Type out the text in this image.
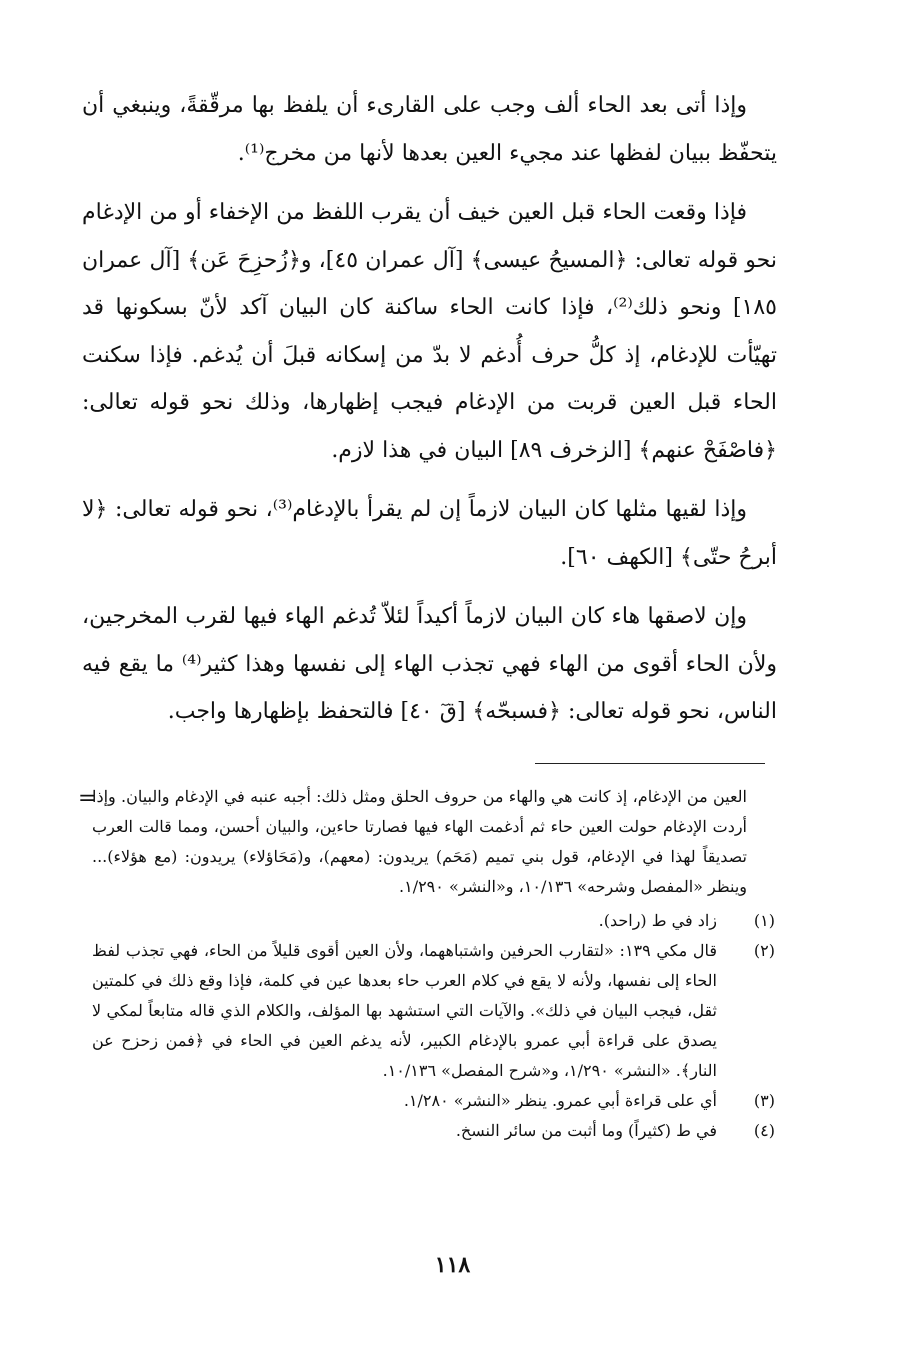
وإذا أتى بعد الحاء ألف وجب على القارىء أن يلفظ بها مرقّقةً، وينبغي أن يتحفّظ ببيان لفظها عند مجيء العين بعدها لأنها من مخرج⁽¹⁾.

فإذا وقعت الحاء قبل العين خيف أن يقرب اللفظ من الإخفاء أو من الإدغام نحو قوله تعالى: ﴿المسيحُ عيسى﴾ [آل عمران ٤٥]، و﴿زُحزِحَ عَن﴾ [آل عمران ١٨٥] ونحو ذلك⁽²⁾، فإذا كانت الحاء ساكنة كان البيان آكد لأنّ بسكونها قد تهيّأت للإدغام، إذ كلُّ حرف أُدغم لا بدّ من إسكانه قبلَ أن يُدغم. فإذا سكنت الحاء قبل العين قربت من الإدغام فيجب إظهارها، وذلك نحو قوله تعالى: ﴿فاصْفَحْ عنهم﴾ [الزخرف ٨٩] البيان في هذا لازم.

وإذا لقيها مثلها كان البيان لازماً إن لم يقرأ بالإدغام⁽³⁾، نحو قوله تعالى: ﴿لا أبرحُ حتّى﴾ [الكهف ٦٠].

وإن لاصقها هاء كان البيان لازماً أكيداً لئلاّ تُدغم الهاء فيها لقرب المخرجين، ولأن الحاء أقوى من الهاء فهي تجذب الهاء إلى نفسها وهذا كثير⁽⁴⁾ ما يقع فيه الناس، نحو قوله تعالى: ﴿فسبحّه﴾ [قٓ ٤٠] فالتحفظ بإظهارها واجب.

=

العين من الإدغام، إذ كانت هي والهاء من حروف الحلق ومثل ذلك: أجبه عنبه في الإدغام والبيان. وإذا أردت الإدغام حولت العين حاء ثم أدغمت الهاء فيها فصارتا حاءين، والبيان أحسن، ومما قالت العرب تصديقاً لهذا في الإدغام، قول بني تميم (مَحَم) يريدون: (معهم)، و(مَحَاؤلاء) يريدون: (مع هؤلاء)... وينظر «المفصل وشرحه» ١٠/١٣٦، و«النشر» ١/٢٩٠.

(١)
زاد في ط (راحد).
(٢)
قال مكي ١٣٩: «لتقارب الحرفين واشتباههما، ولأن العين أقوى قليلاً من الحاء، فهي تجذب لفظ الحاء إلى نفسها، ولأنه لا يقع في كلام العرب حاء بعدها عين في كلمة، فإذا وقع ذلك في كلمتين ثقل، فيجب البيان في ذلك». والآيات التي استشهد بها المؤلف، والكلام الذي قاله متابعاً لمكي لا يصدق على قراءة أبي عمرو بالإدغام الكبير، لأنه يدغم العين في الحاء في ﴿فمن زحزح عن النار﴾. «النشر» ١/٢٩٠، و«شرح المفصل» ١٠/١٣٦.
(٣)
أي على قراءة أبي عمرو. ينظر «النشر» ١/٢٨٠.
(٤)
في ط (كثيراً) وما أثبت من سائر النسخ.
١١٨
